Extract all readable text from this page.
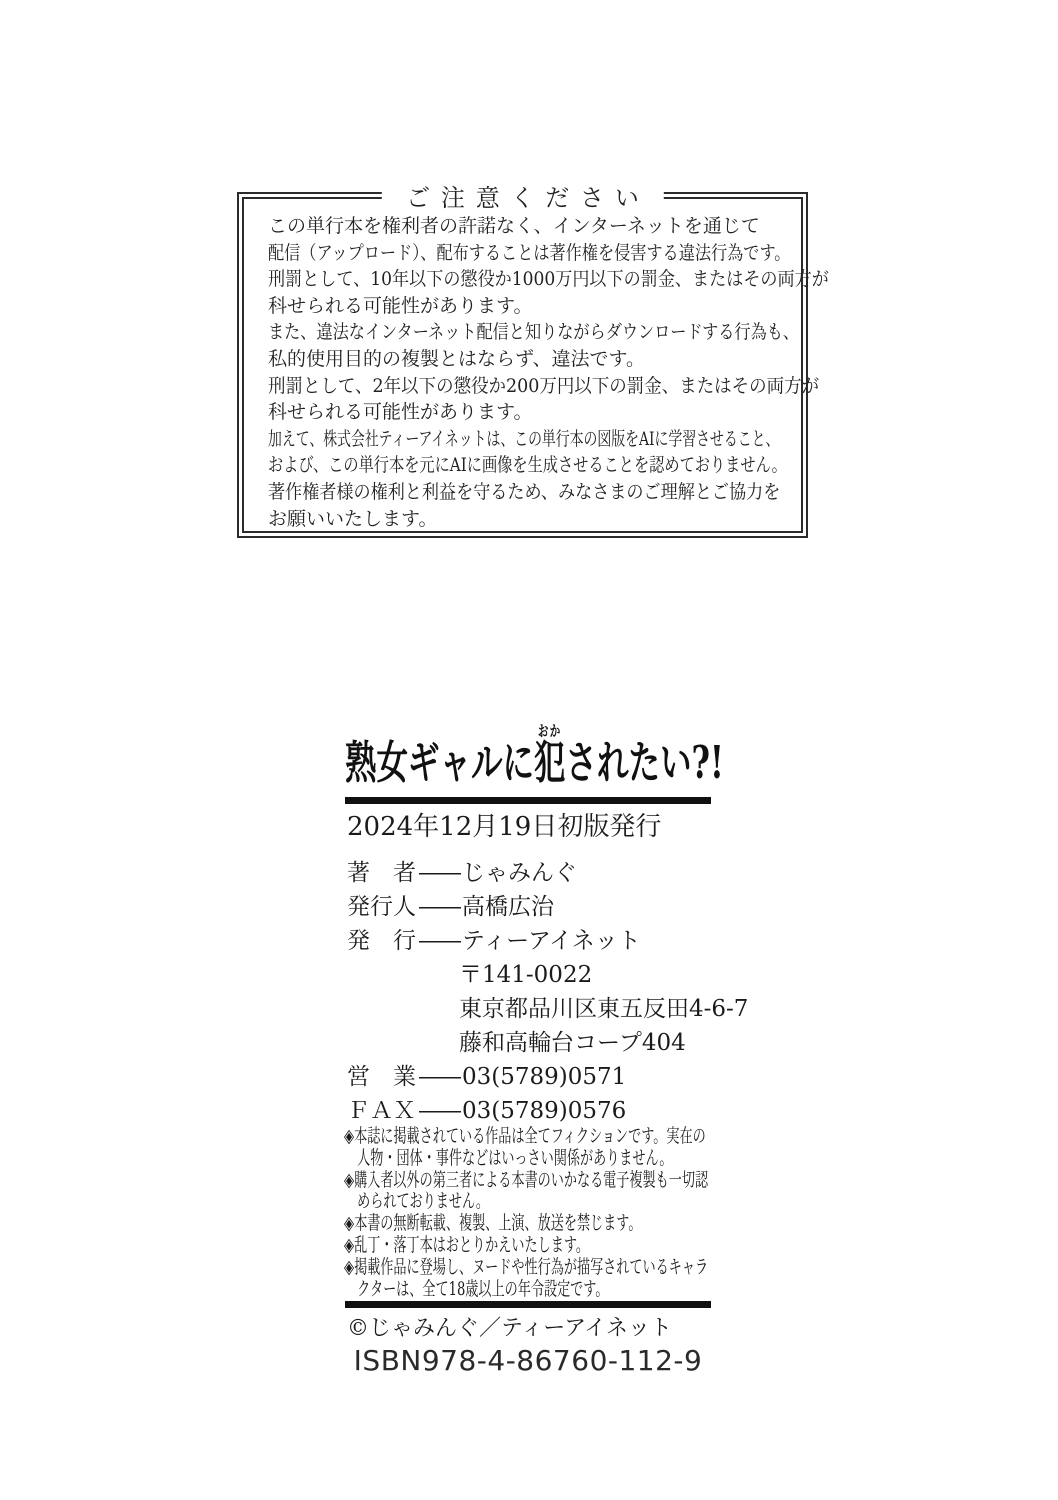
ご注意ください
この単行本を権利者の許諾なく、インターネットを通じて
配信（アップロード）、配布することは著作権を侵害する違法行為です。
刑罰として、10年以下の懲役か1000万円以下の罰金、またはその両方が
科せられる可能性があります。
また、違法なインターネット配信と知りながらダウンロードする行為も、
私的使用目的の複製とはならず、違法です。
刑罰として、2年以下の懲役か200万円以下の罰金、またはその両方が
科せられる可能性があります。
加えて、株式会社ティーアイネットは、この単行本の図版をAIに学習させること、
および、この単行本を元にAIに画像を生成させることを認めておりません。
著作権者様の権利と利益を守るため、みなさまのご理解とご協力を
お願いいたします。
熟女ギャルに犯おかされたい?!
2024年12月19日初版発行
著　者——じゃみんぐ
発行人——高橋広治
発　行——ティーアイネット
〒141-0022
東京都品川区東五反田4-6-7
藤和高輪台コープ404
営　業——03(5789)0571
ＦＡＸ——03(5789)0576
◈本誌に掲載されている作品は全てフィクションです。実在の人物・団体・事件などはいっさい関係がありません。
◈購入者以外の第三者による本書のいかなる電子複製も一切認められておりません。
◈本書の無断転載、複製、上演、放送を禁じます。
◈乱丁・落丁本はおとりかえいたします。
◈掲載作品に登場し、ヌードや性行為が描写されているキャラクターは、全て18歳以上の年令設定です。
©じゃみんぐ／ティーアイネット
ISBN978-4-86760-112-9
